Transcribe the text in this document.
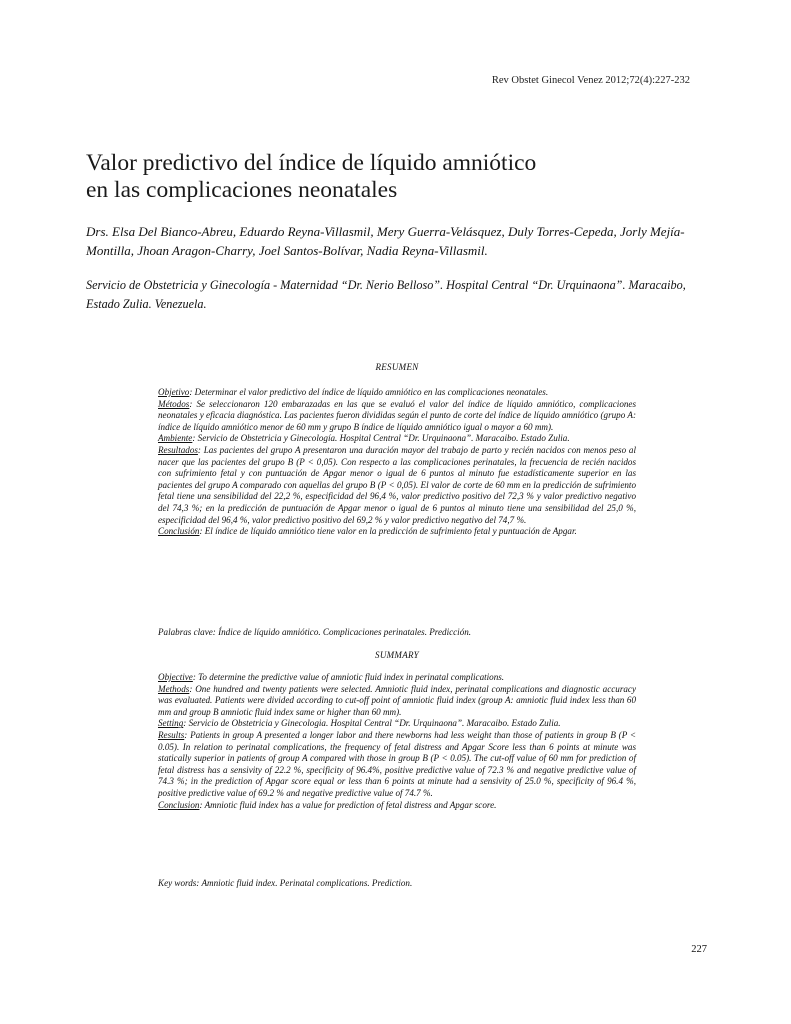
Rev Obstet Ginecol Venez 2012;72(4):227-232
Valor predictivo del índice de líquido amniótico
en las complicaciones neonatales

Drs. Elsa Del Bianco-Abreu, Eduardo Reyna-Villasmil, Mery Guerra-Velásquez, Duly Torres-Cepeda, Jorly Mejía-Montilla, Jhoan Aragon-Charry, Joel Santos-Bolívar, Nadia Reyna-Villasmil.

Servicio de Obstetricia y Ginecología - Maternidad “Dr. Nerio Belloso”. Hospital Central “Dr. Urquinaona”. Maracaibo, Estado Zulia. Venezuela.

RESUMEN

Objetivo: Determinar el valor predictivo del índice de líquido amniótico en las complicaciones neonatales.

Métodos: Se seleccionaron 120 embarazadas en las que se evaluó el valor del índice de líquido amniótico, complicaciones neonatales y eficacia diagnóstica. Las pacientes fueron divididas según el punto de corte del índice de líquido amniótico (grupo A: índice de líquido amniótico menor de 60 mm y grupo B índice de líquido amniótico igual o mayor a 60 mm).

Ambiente: Servicio de Obstetricia y Ginecología. Hospital Central “Dr. Urquinaona”. Maracaibo. Estado Zulia.

Resultados: Las pacientes del grupo A presentaron una duración mayor del trabajo de parto y recién nacidos con menos peso al nacer que las pacientes del grupo B (P < 0,05). Con respecto a las complicaciones perinatales, la frecuencia de recién nacidos con sufrimiento fetal y con puntuación de Apgar menor o igual de 6 puntos al minuto fue estadísticamente superior en las pacientes del grupo A comparado con aquellas del grupo B (P < 0,05). El valor de corte de 60 mm en la predicción de sufrimiento fetal tiene una sensibilidad del 22,2 %, especificidad del 96,4 %, valor predictivo positivo del 72,3 % y valor predictivo negativo del 74,3 %; en la predicción de puntuación de Apgar menor o igual de 6 puntos al minuto tiene una sensibilidad del 25,0 %, especificidad del 96,4 %, valor predictivo positivo del 69,2 % y valor predictivo negativo del 74,7 %.

Conclusión: El índice de líquido amniótico tiene valor en la predicción de sufrimiento fetal y puntuación de Apgar.

Palabras clave: Índice de líquido amniótico. Complicaciones perinatales. Predicción.

SUMMARY

Objective: To determine the predictive value of amniotic fluid index in perinatal complications.

Methods: One hundred and twenty patients were selected. Amniotic fluid index, perinatal complications and diagnostic accuracy was evaluated. Patients were divided according to cut-off point of amniotic fluid index (group A: amniotic fluid index less than 60 mm and group B amniotic fluid index same or higher than 60 mm).

Setting: Servicio de Obstetricia y Ginecologia. Hospital Central “Dr. Urquinaona”. Maracaibo. Estado Zulia.

Results: Patients in group A presented a longer labor and there newborns had less weight than those of patients in group B (P < 0.05). In relation to perinatal complications, the frequency of fetal distress and Apgar Score less than 6 points at minute was statically superior in patients of group A compared with those in group B (P < 0.05). The cut-off value of 60 mm for prediction of fetal distress has a sensivity of 22.2 %, specificity of 96.4%, positive predictive value of 72.3 % and negative predictive value of 74.3 %; in the prediction of Apgar score equal or less than 6 points at minute had a sensivity of 25.0 %, specificity of 96.4 %, positive predictive value of 69.2 % and negative predictive value of 74.7 %.

Conclusion: Amniotic fluid index has a value for prediction of fetal distress and Apgar score.

Key words: Amniotic fluid index. Perinatal complications. Prediction.

227
